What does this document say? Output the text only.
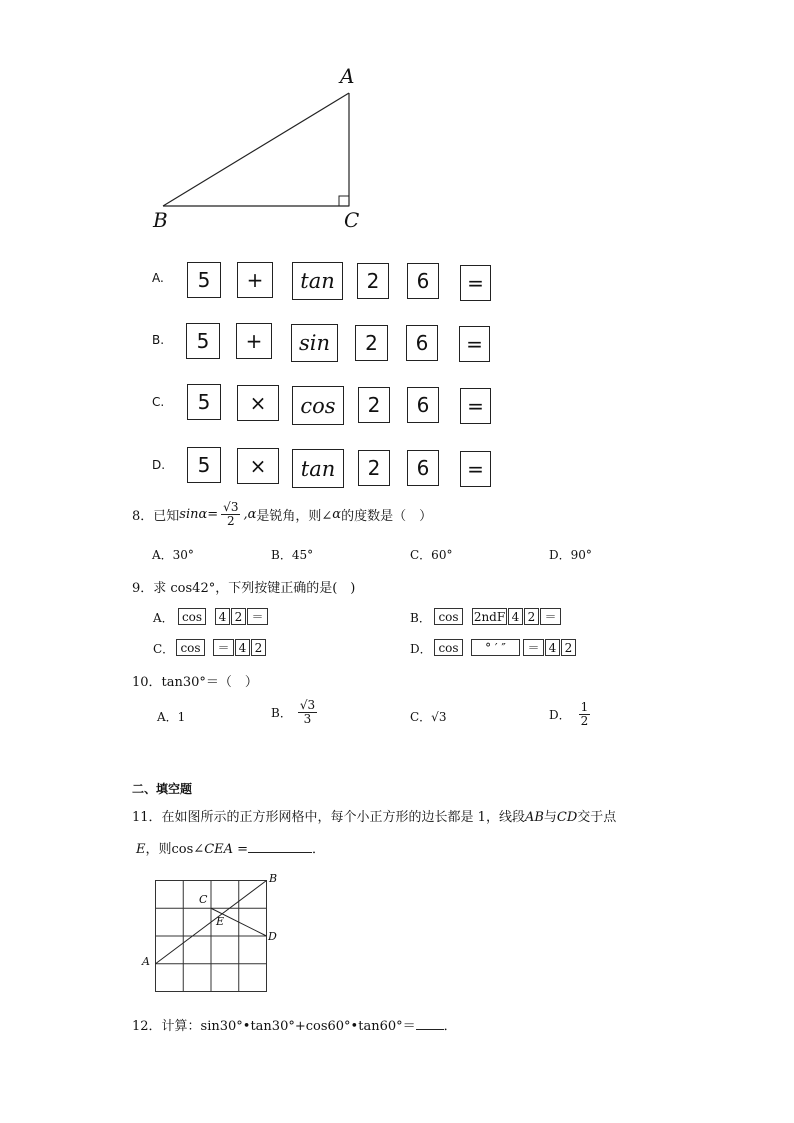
A
B	C
A.	5	+	tan	2	6	=
B.	5	+	sin	2	6	=
C.	5	×	cos	2	6	=
D.	5	×	tan	2	6	=
8．已知 $\sin \alpha = \frac{√3}{2} ,\alpha$ 是锐角，则∠ α 的度数是（　）
A．30°	B．45°	C．60°	D．90°
9．求 cos42°，下列按键正确的是(　)
A． cos	4 2 ＝	B． cos	2ndF 4 2 ＝
C． cos	＝ 4 2	D． cos	° ′ ″	＝ 4 2
10．tan30°＝（　）
A．1	B． $\frac{√3}{3}$	C．√3	D． $\frac{1}{2}$
二、填空题
11．在如图所示的正方形网格中，每个小正方形的边长都是 1，线段AB与CD交于点
E，则cos∠CEA =	．
A
B
C
D
E
12．计算：sin30°•tan30°+cos60°•tan60°＝ ．
